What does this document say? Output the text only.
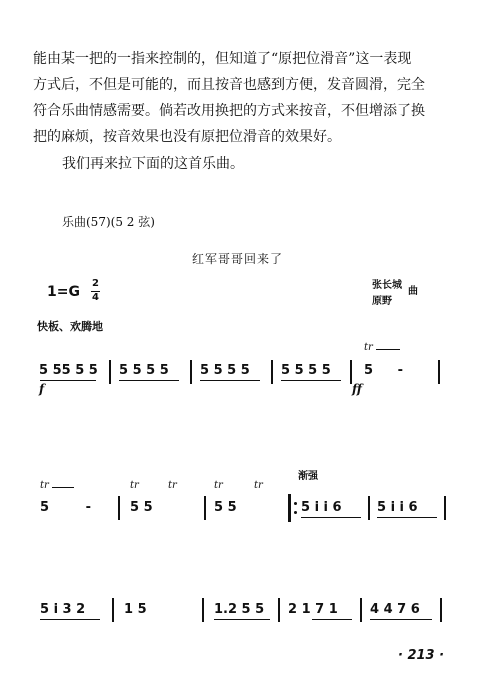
能由某一把的一指来控制的，但知道了“原把位滑音”这一表现
方式后，不但是可能的，而且按音也感到方便，发音圆滑，完全
符合乐曲情感需要。倘若改用换把的方式来按音，不但增添了换
把的麻烦，按音效果也没有原把位滑音的效果好。
我们再来拉下面的这首乐曲。
乐曲(57)(5 2 弦)
红军哥哥回来了
1=G
2
4
张长城
曲
原野
快板、欢腾地
5 55 5 5
f
5 5 5 5 5 5 5 5 5 5 5 5
tr
5 -
ff
渐强
tr
5 -
tr	tr
5 5
tr	tr
5 5	5 i i 6	5 i i 6
5 i 3 2	1 5	1.2 5 5 2 1 7 1 4 4 7 6
· 213 ·
